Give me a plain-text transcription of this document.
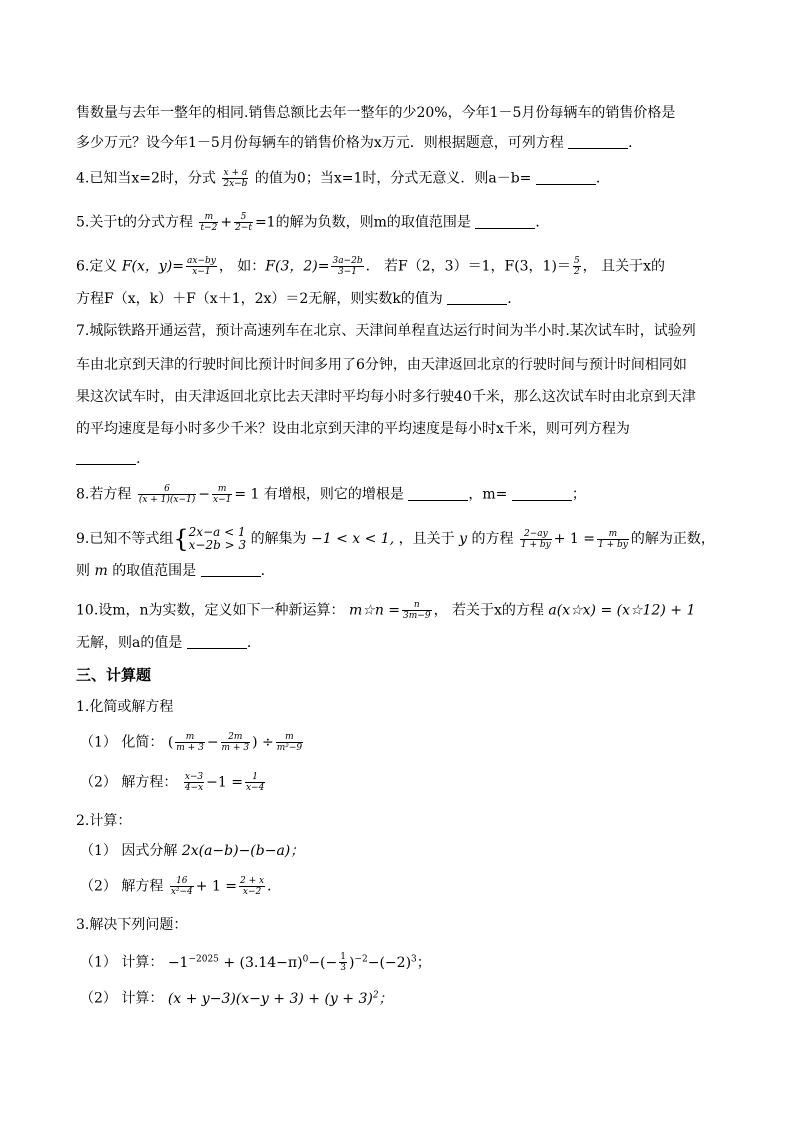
售数量与去年一整年的相同.销售总额比去年一整年的少20%，今年1－5月份每辆车的销售价格是
多少万元？设今年1－5月份每辆车的销售价格为x万元．则根据题意，可列方程	．
4.已知当x=2时，分式 $\frac{x + a}{2x-b}$ 的值为0；当x=1时，分式无意义．则a－b=	．
5.关于t的分式方程 $\frac{m}{t-2} + \frac{5}{2-t} =1$的解为负数，则m的取值范围是	．
6.定义 F(x，$y)= \frac{ax-by}{x-1}$ ， 如：F(3，$2)= \frac{3a-2b}{3-1}$ ． 若F（2，3）＝1，F(3，$1)= \frac{5}{2}$ ， 且关于x的
方程F（x，k）＋F（x＋1，2x）＝2无解，则实数k的值为	．
7.城际铁路开通运营，预计高速列车在北京、天津间单程直达运行时间为半小时.某次试车时，试验列
车由北京到天津的行驶时间比预计时间多用了6分钟，由天津返回北京的行驶时间与预计时间相同如
果这次试车时，由天津返回北京比去天津时平均每小时多行驶40千米，那么这次试车时由北京到天津
的平均速度是每小时多少千米？设由北京到天津的平均速度是每小时x千米，则可列方程为
.
8.若方程 $\frac{6}{(x + 1)(x-1)} - \frac{m}{x-1} = 1$ 有增根，则它的增根是	，m=	；
9.已知不等式组{ 2x−a < 1
x−2b > 3 的解集为 −1 < x < 1, ，且关于 y 的方程 $\frac{2-ay}{1 + by} + 1 = \frac{m}{1 + by}$ 的解为正数，
则 m 的取值范围是	.
10.设m，n为实数，定义如下一种新运算： m☆n = $\frac{n}{3m-9}$ ， 若关于x的方程 a(x☆x) = (x☆12) + 1
无解，则a的值是	．
三、计算题
1.化简或解方程
（1） 化简： ( $\frac{m}{m + 3} - \frac{2m}{m + 3}$ ) ÷ $\frac{m}{\text{m²−9}}$
（2） 解方程： $\frac{x-3}{4-x} -1 = \frac{1}{x-4}$
2.计算：
（1） 因式分解 2x(a−b)−(b−a)；
（2） 解方程 $\frac{16}{\text{x²−4}} + 1 = \frac{2 + x}{x-2}$ ．
3.解决下列问题：
（1） 计算： $-1^{-2025} + (3.14-\pi)^0-(- \frac{1}{3} )^{-2}-(-2)^3$；
（2） 计算： $(x + y-3)(x-y + 3) + (y + 3)^2$；
